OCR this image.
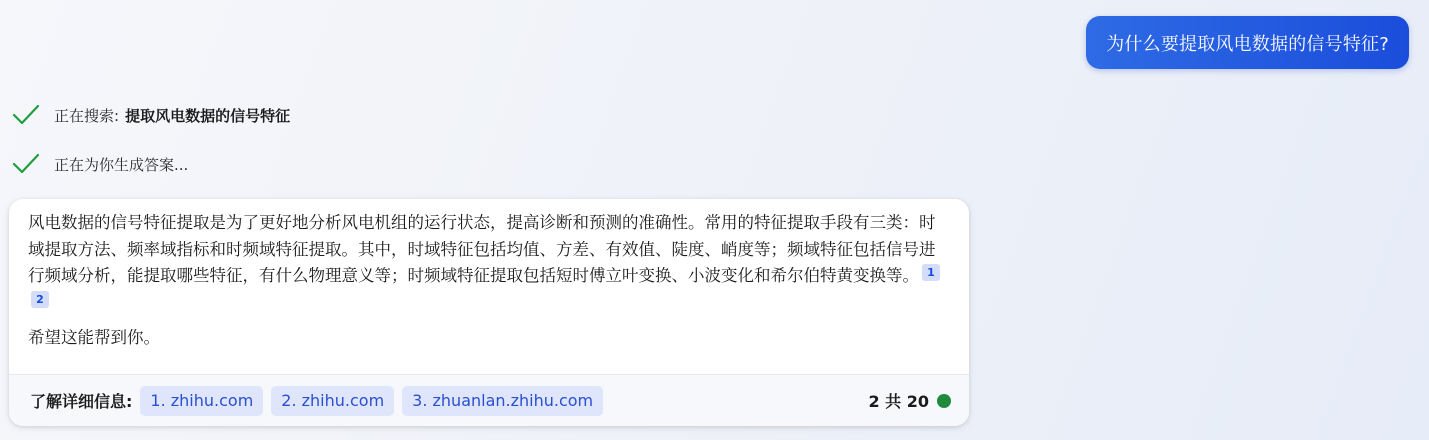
为什么要提取风电数据的信号特征?
正在搜索: 提取风电数据的信号特征
正在为你生成答案...

风电数据的信号特征提取是为了更好地分析风电机组的运行状态，提高诊断和预测的准确性。常用的特征提取手段有三类：时域提取方法、频率域指标和时频域特征提取。其中，时域特征包括均值、方差、有效值、陡度、峭度等；频域特征包括信号进行频域分析，能提取哪些特征，有什么物理意义等；时频域特征提取包括短时傅立叶变换、小波变化和希尔伯特黄变换等。 12

希望这能帮到你。

了解详细信息:	1. zhihu.com	2. zhihu.com	3. zhuanlan.zhihu.com	2 共 20
